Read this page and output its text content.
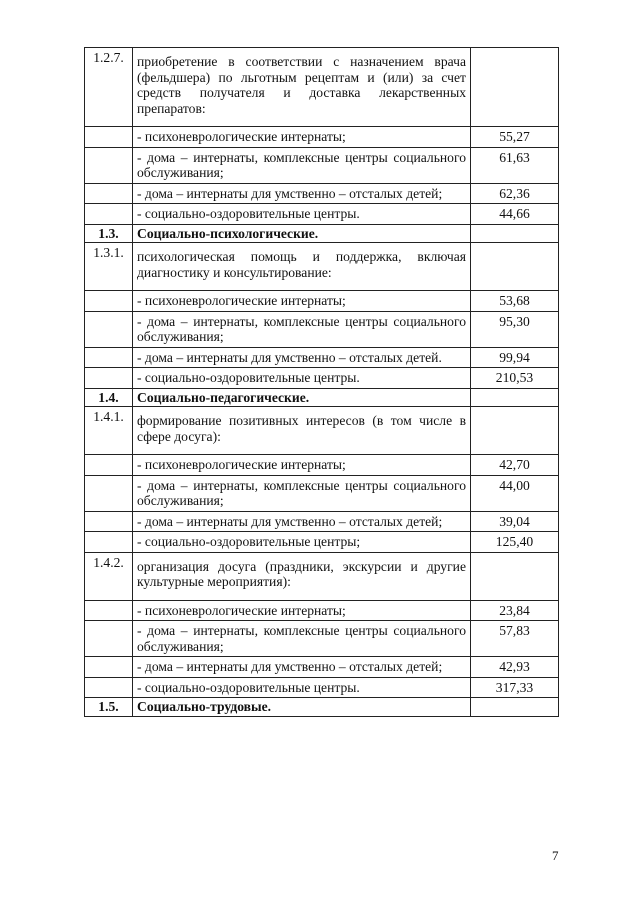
1.2.7.	приобретение в соответствии с назначением врача (фельдшера) по льготным рецептам и (или) за счет средств получателя и доставка лекарственных препаратов:	
	- психоневрологические интернаты;	55,27
	- дома – интернаты, комплексные центры социального обслуживания;	61,63
	- дома – интернаты для умственно – отсталых детей;	62,36
	- социально-оздоровительные центры.	44,66
1.3.	Социально-психологические.	
1.3.1.	психологическая помощь и поддержка, включая диагностику и консультирование:	
	- психоневрологические интернаты;	53,68
	- дома – интернаты, комплексные центры социального обслуживания;	95,30
	- дома – интернаты для умственно – отсталых детей.	99,94
	- социально-оздоровительные центры.	210,53
1.4.	Социально-педагогические.	
1.4.1.	формирование позитивных интересов (в том числе в сфере досуга):	
	- психоневрологические интернаты;	42,70
	- дома – интернаты, комплексные центры социального обслуживания;	44,00
	- дома – интернаты для умственно – отсталых детей;	39,04
	- социально-оздоровительные центры;	125,40
1.4.2.	организация досуга (праздники, экскурсии и другие культурные мероприятия):	
	- психоневрологические интернаты;	23,84
	- дома – интернаты, комплексные центры социального обслуживания;	57,83
	- дома – интернаты для умственно – отсталых детей;	42,93
	- социально-оздоровительные центры.	317,33
1.5.	Социально-трудовые.	
7
